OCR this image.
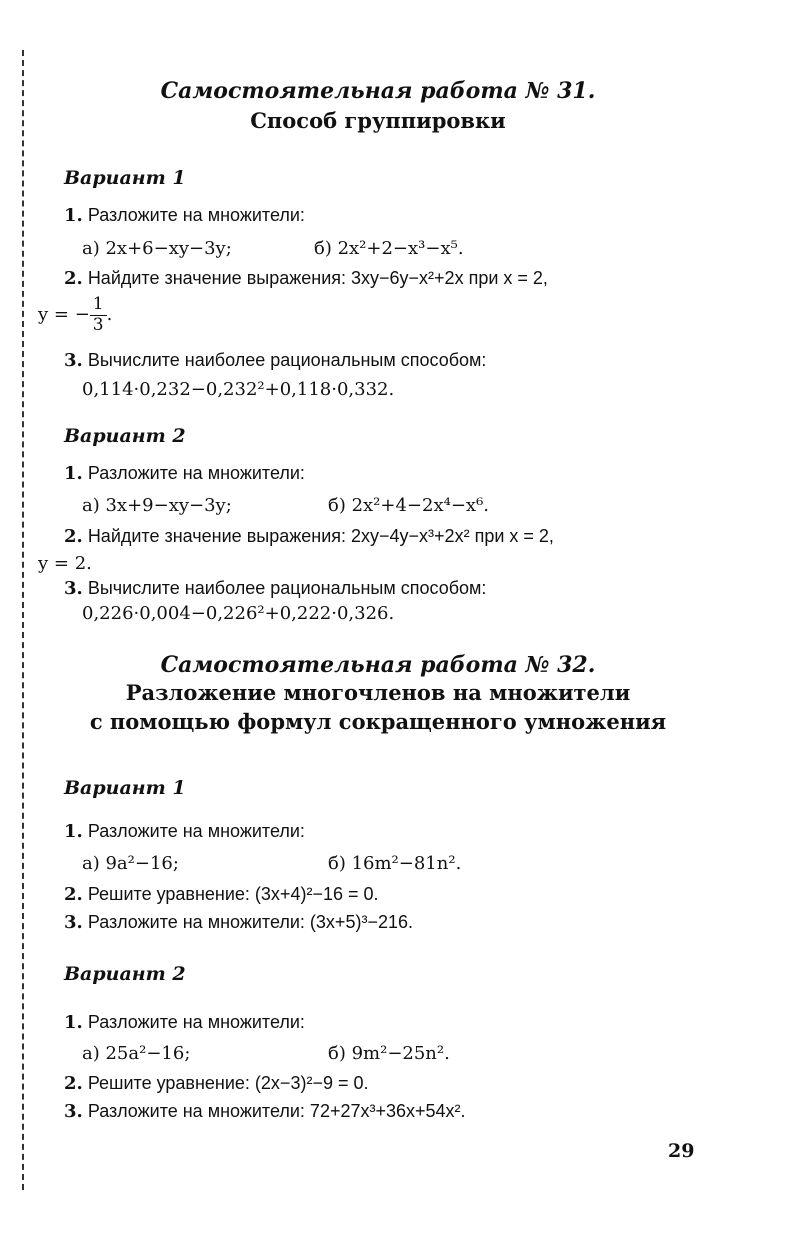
Самостоятельная работа № 31.
Способ группировки
Вариант 1
1. Разложите на множители:
а) 2x+6−xy−3y;	б) 2x²+2−x³−x⁵.
2. Найдите значение выражения: 3xy−6y−x²+2x при x = 2,
y = − $\frac{1}{3}$ .
3. Вычислите наиболее рациональным способом:
0,114·0,232−0,232²+0,118·0,332.
Вариант 2
1. Разложите на множители:
а) 3x+9−xy−3y;	б) 2x²+4−2x⁴−x⁶.
2. Найдите значение выражения: 2xy−4y−x³+2x² при x = 2,
y = 2.
3. Вычислите наиболее рациональным способом:
0,226·0,004−0,226²+0,222·0,326.
Самостоятельная работа № 32.
Разложение многочленов на множители
с помощью формул сокращенного умножения
Вариант 1
1. Разложите на множители:
а) 9a²−16;	б) 16m²−81n².
2. Решите уравнение: (3x+4)²−16 = 0.
3. Разложите на множители: (3x+5)³−216.
Вариант 2
1. Разложите на множители:
а) 25a²−16;	б) 9m²−25n².
2. Решите уравнение: (2x−3)²−9 = 0.
3. Разложите на множители: 72+27x³+36x+54x².
29
